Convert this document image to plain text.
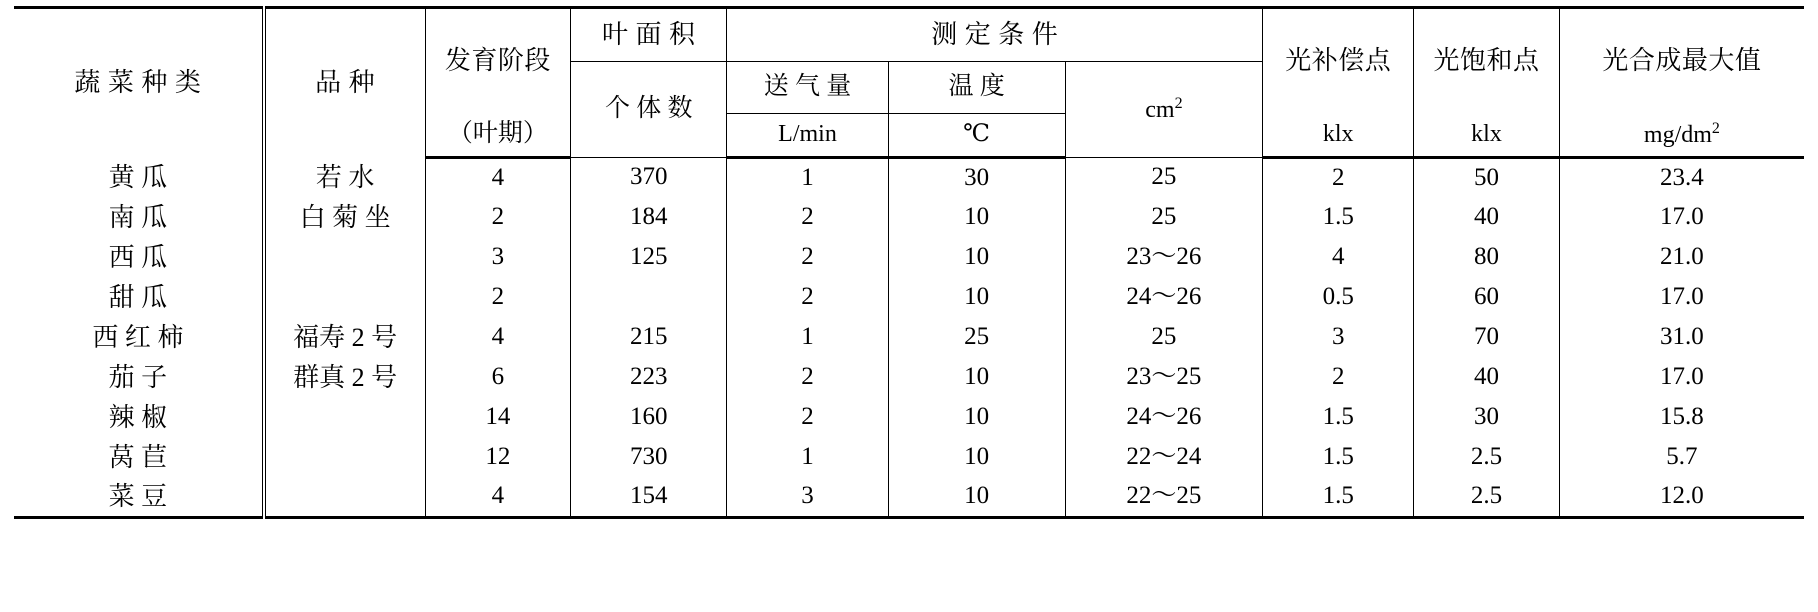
蔬 菜 种 类	品 种	发育阶段	叶 面 积	测 定 条 件			光补偿点	光饱和点	光合成最大值
			个 体 数	送 气 量	温 度	$cm^2$
		（叶期）		L/min	℃		klx	klx	$mg/dm^2$
黄 瓜	若 水	4	370	1	30	25	2	50	23.4
南 瓜	白 菊 坐	2	184	2	10	25	1.5	40	17.0
西 瓜		3	125	2	10	23～26	4	80	21.0
甜 瓜		2		2	10	24～26	0.5	60	17.0
西 红 柿	福寿 2 号	4	215	1	25	25	3	70	31.0
茄 子	群真 2 号	6	223	2	10	23～25	2	40	17.0
辣 椒		14	160	2	10	24～26	1.5	30	15.8
莴 苣		12	730	1	10	22～24	1.5	2.5	5.7
菜 豆		4	154	3	10	22～25	1.5	2.5	12.0
